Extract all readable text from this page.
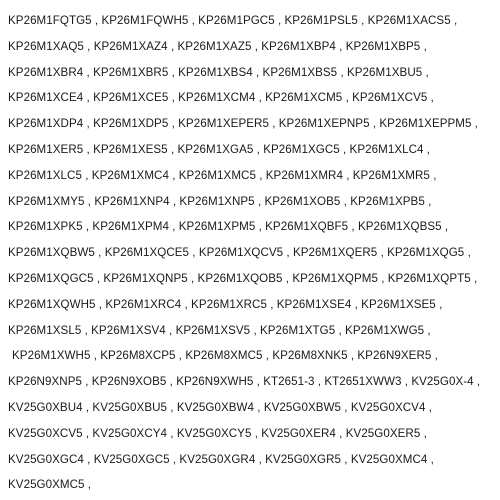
KP26M1FQTG5 , KP26M1FQWH5 , KP26M1PGC5 , KP26M1PSL5 , KP26M1XACS5 ,
KP26M1XAQ5 , KP26M1XAZ4 , KP26M1XAZ5 , KP26M1XBP4 , KP26M1XBP5 ,
KP26M1XBR4 , KP26M1XBR5 , KP26M1XBS4 , KP26M1XBS5 , KP26M1XBU5 ,
KP26M1XCE4 , KP26M1XCE5 , KP26M1XCM4 , KP26M1XCM5 , KP26M1XCV5 ,
KP26M1XDP4 , KP26M1XDP5 , KP26M1XEPER5 , KP26M1XEPNP5 , KP26M1XEPPM5 ,
KP26M1XER5 , KP26M1XES5 , KP26M1XGA5 , KP26M1XGC5 , KP26M1XLC4 ,
KP26M1XLC5 , KP26M1XMC4 , KP26M1XMC5 , KP26M1XMR4 , KP26M1XMR5 ,
KP26M1XMY5 , KP26M1XNP4 , KP26M1XNP5 , KP26M1XOB5 , KP26M1XPB5 ,
KP26M1XPK5 , KP26M1XPM4 , KP26M1XPM5 , KP26M1XQBF5 , KP26M1XQBS5 ,
KP26M1XQBW5 , KP26M1XQCE5 , KP26M1XQCV5 , KP26M1XQER5 , KP26M1XQG5 ,
KP26M1XQGC5 , KP26M1XQNP5 , KP26M1XQOB5 , KP26M1XQPM5 , KP26M1XQPT5 ,
KP26M1XQWH5 , KP26M1XRC4 , KP26M1XRC5 , KP26M1XSE4 , KP26M1XSE5 ,
KP26M1XSL5 , KP26M1XSV4 , KP26M1XSV5 , KP26M1XTG5 , KP26M1XWG5 ,
KP26M1XWH5 , KP26M8XCP5 , KP26M8XMC5 , KP26M8XNK5 , KP26N9XER5 ,
KP26N9XNP5 , KP26N9XOB5 , KP26N9XWH5 , KT2651-3 , KT2651XWW3 , KV25G0X-4 ,
KV25G0XBU4 , KV25G0XBU5 , KV25G0XBW4 , KV25G0XBW5 , KV25G0XCV4 ,
KV25G0XCV5 , KV25G0XCY4 , KV25G0XCY5 , KV25G0XER4 , KV25G0XER5 ,
KV25G0XGC4 , KV25G0XGC5 , KV25G0XGR4 , KV25G0XGR5 , KV25G0XMC4 ,
KV25G0XMC5 ,
